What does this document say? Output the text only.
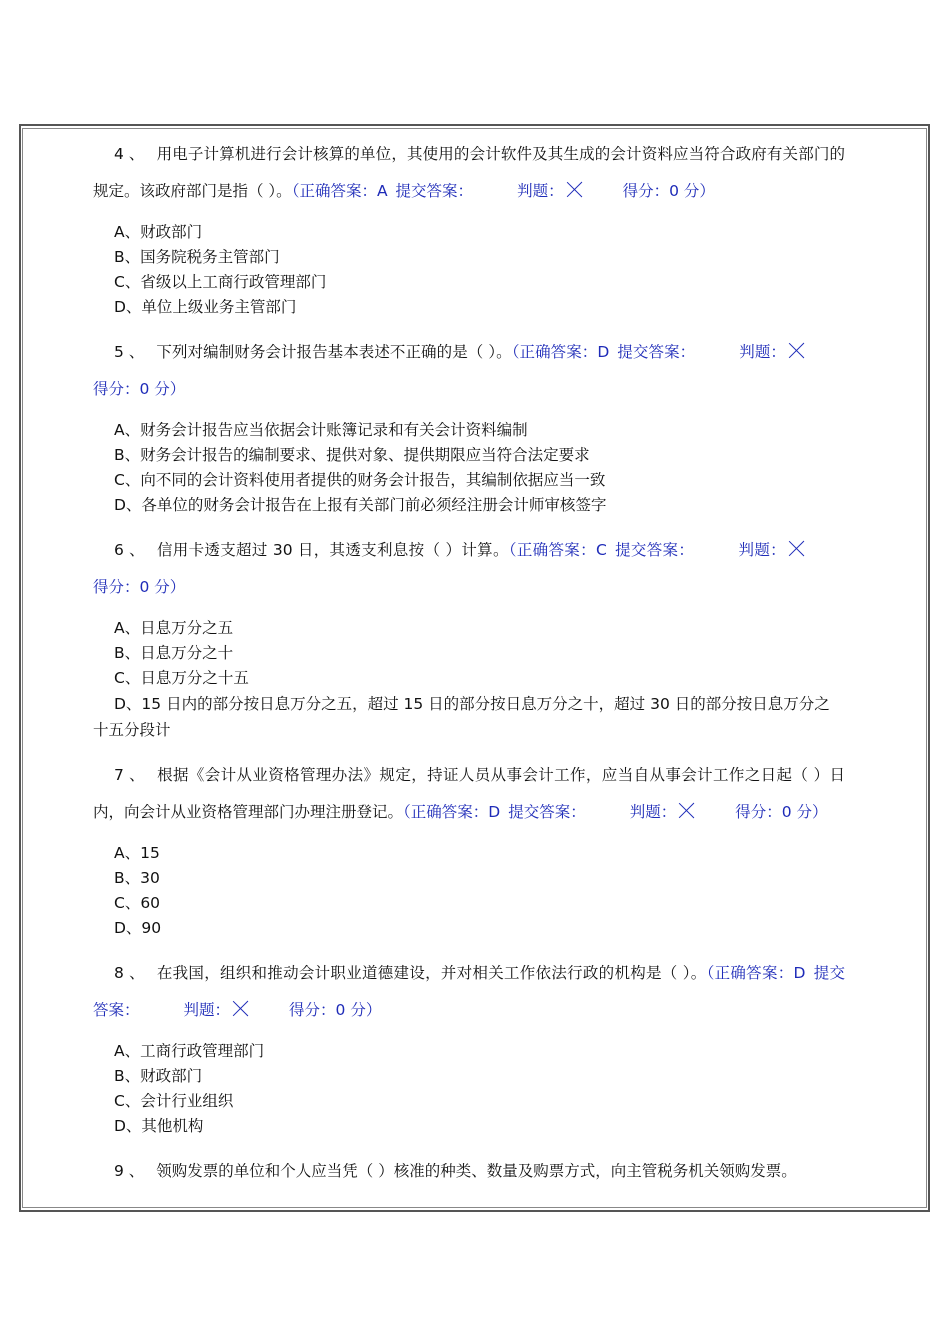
4 、 用电子计算机进行会计核算的单位，其使用的会计软件及其生成的会计资料应当符合政府有关部门的规定。该政府部门是指（ ）。（正确答案：A 提交答案：	判题：	得分：0 分）
A、财政部门
B、国务院税务主管部门
C、省级以上工商行政管理部门
D、单位上级业务主管部门
5 、 下列对编制财务会计报告基本表述不正确的是（ ）。（正确答案：D 提交答案：	判题：得分：0 分）
A、财务会计报告应当依据会计账簿记录和有关会计资料编制
B、财务会计报告的编制要求、提供对象、提供期限应当符合法定要求
C、向不同的会计资料使用者提供的财务会计报告，其编制依据应当一致
D、各单位的财务会计报告在上报有关部门前必须经注册会计师审核签字
6 、 信用卡透支超过 30 日，其透支利息按（ ）计算。（正确答案：C 提交答案：	判题：得分：0 分）
A、日息万分之五
B、日息万分之十
C、日息万分之十五
D、15 日内的部分按日息万分之五，超过 15 日的部分按日息万分之十，超过 30 日的部分按日息万分之十五分段计
7 、 根据《会计从业资格管理办法》规定，持证人员从事会计工作，应当自从事会计工作之日起（ ）日内，向会计从业资格管理部门办理注册登记。（正确答案：D 提交答案：	判题：	得分：0 分）
A、15
B、30
C、60
D、90
8 、 在我国，组织和推动会计职业道德建设，并对相关工作依法行政的机构是（ ）。（正确答案：D 提交答案：	判题：	得分：0 分）
A、工商行政管理部门
B、财政部门
C、会计行业组织
D、其他机构
9 、 领购发票的单位和个人应当凭（ ）核准的种类、数量及购票方式，向主管税务机关领购发票。
